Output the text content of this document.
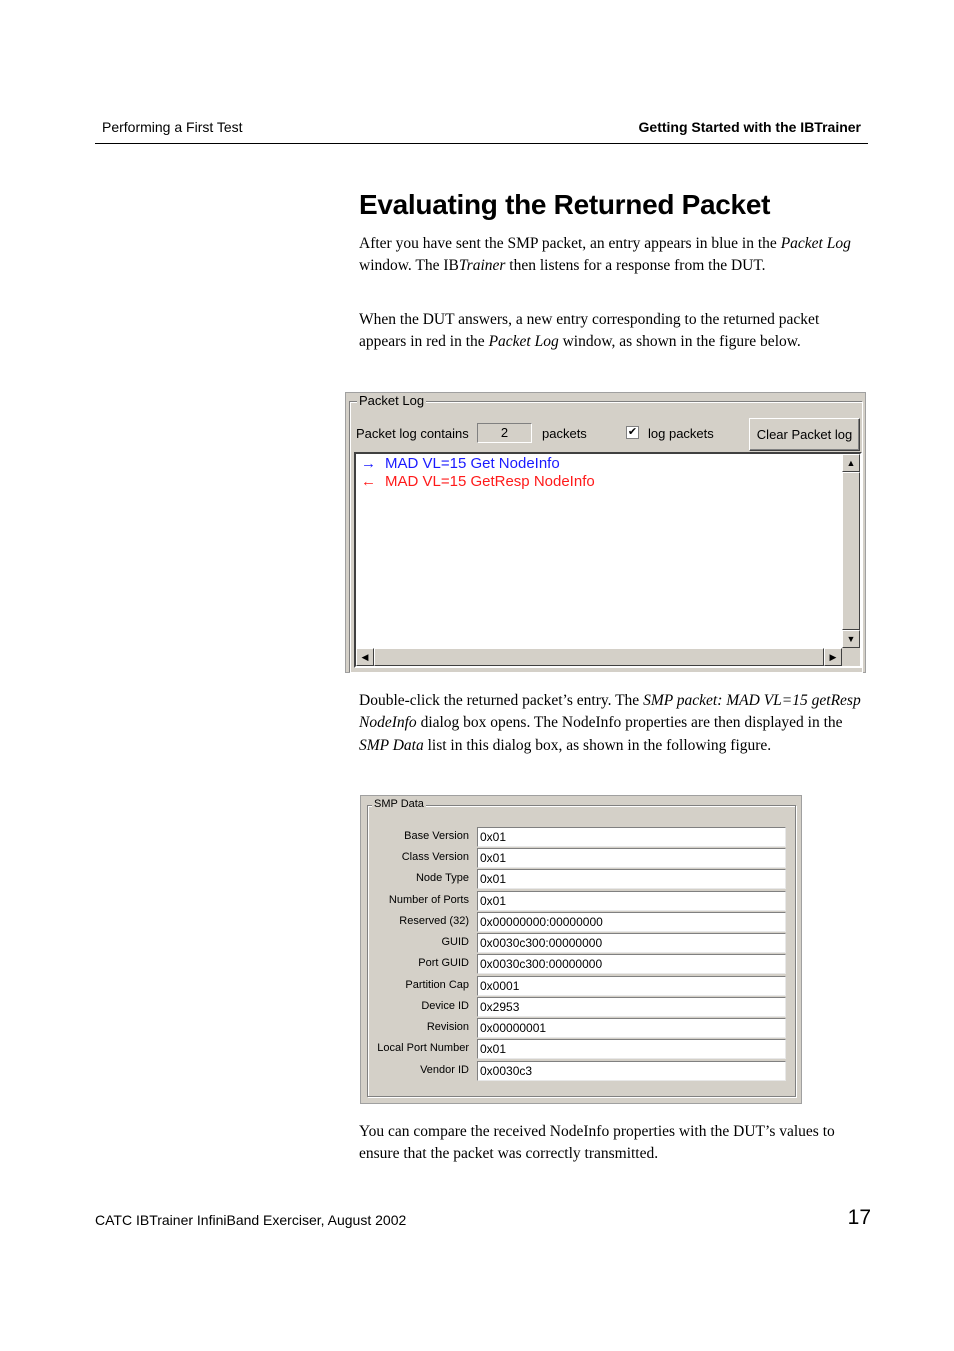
Performing a First Test	Getting Started with the IBTrainer
Evaluating the Returned Packet
After you have sent the SMP packet, an entry appears in blue in the Packet Log window. The IBTrainer then listens for a response from the DUT.
When the DUT answers, a new entry corresponding to the returned packet appears in red in the Packet Log window, as shown in the figure below.
Packet Log
Packet log contains	2	packets	✔ log packets	Clear Packet log
→ MAD VL=15 Get NodeInfo
← MAD VL=15 GetResp NodeInfo
▲
▼
◀	▶
Double-click the returned packet’s entry. The SMP packet: MAD VL=15 getResp NodeInfo dialog box opens. The NodeInfo properties are then displayed in the SMP Data list in this dialog box, as shown in the following figure.
SMP Data
Base Version 0x01
Class Version 0x01
Node Type 0x01
Number of Ports 0x01
Reserved (32) 0x00000000:00000000
GUID 0x0030c300:00000000
Port GUID 0x0030c300:00000000
Partition Cap 0x0001
Device ID 0x2953
Revision 0x00000001
Local Port Number 0x01
Vendor ID 0x0030c3
You can compare the received NodeInfo properties with the DUT’s values to ensure that the packet was correctly transmitted.
CATC IBTrainer InfiniBand Exerciser, August 2002	17
